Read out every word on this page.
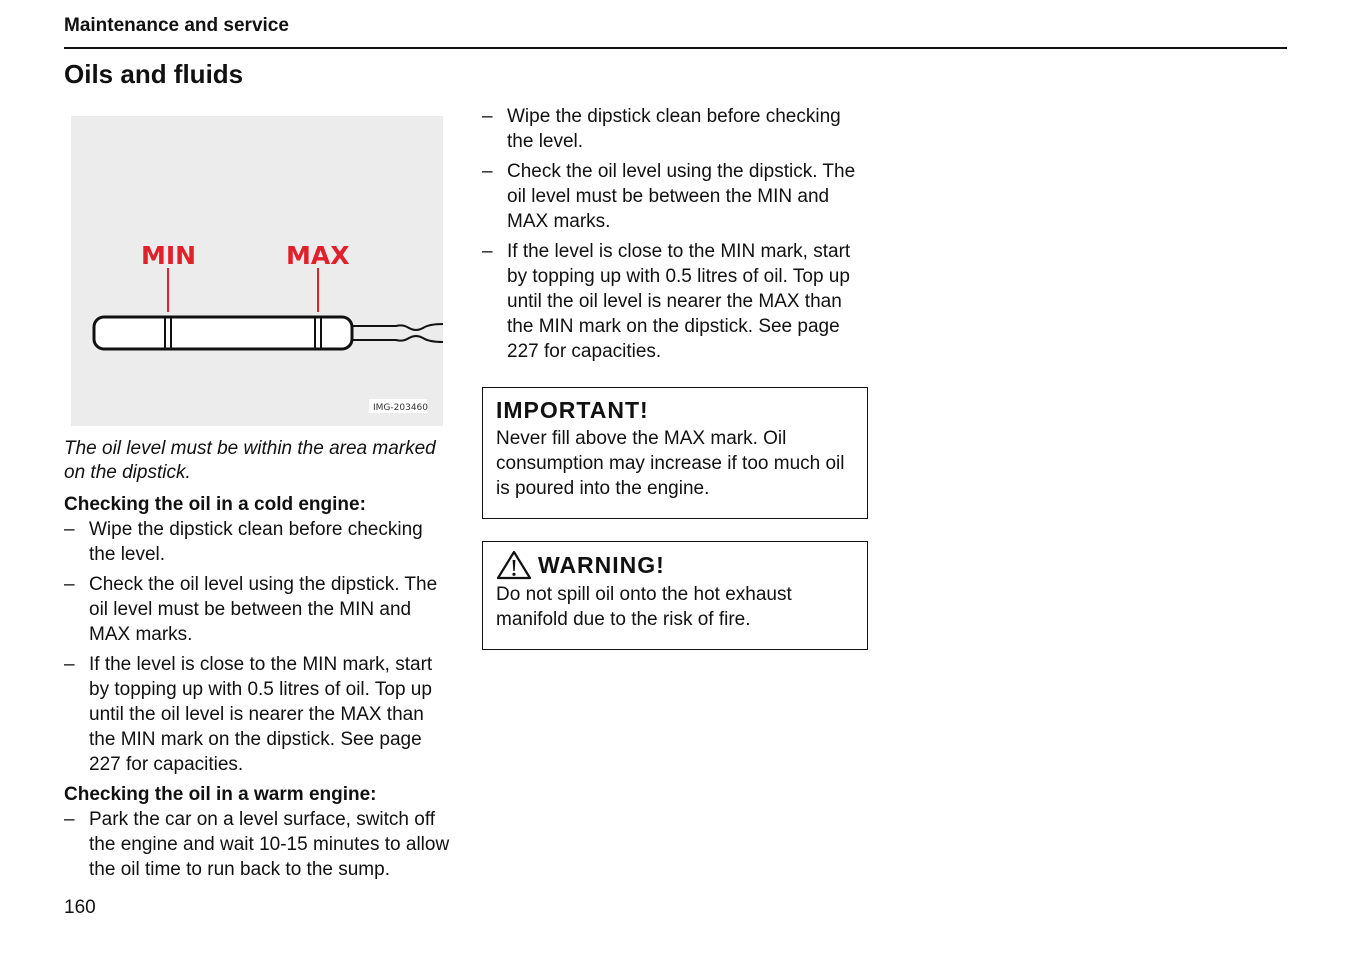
Maintenance and service
Oils and fluids
MIN	MAX
IMG-203460
The oil level must be within the area marked on the dipstick.

Checking the oil in a cold engine:

– Wipe the dipstick clean before checking the level.
– Check the oil level using the dipstick. The oil level must be between the MIN and MAX marks.
– If the level is close to the MIN mark, start by topping up with 0.5 litres of oil. Top up until the oil level is nearer the MAX than the MIN mark on the dipstick. See page 227 for capacities.

Checking the oil in a warm engine:

– Park the car on a level surface, switch off the engine and wait 10-15 minutes to allow the oil time to run back to the sump.
– Wipe the dipstick clean before checking the level.
– Check the oil level using the dipstick. The oil level must be between the MIN and MAX marks.
– If the level is close to the MIN mark, start by topping up with 0.5 litres of oil. Top up until the oil level is nearer the MAX than the MIN mark on the dipstick. See page 227 for capacities.
IMPORTANT!
Never fill above the MAX mark. Oil consumption may increase if too much oil is poured into the engine.
WARNING!
Do not spill oil onto the hot exhaust manifold due to the risk of fire.
160
